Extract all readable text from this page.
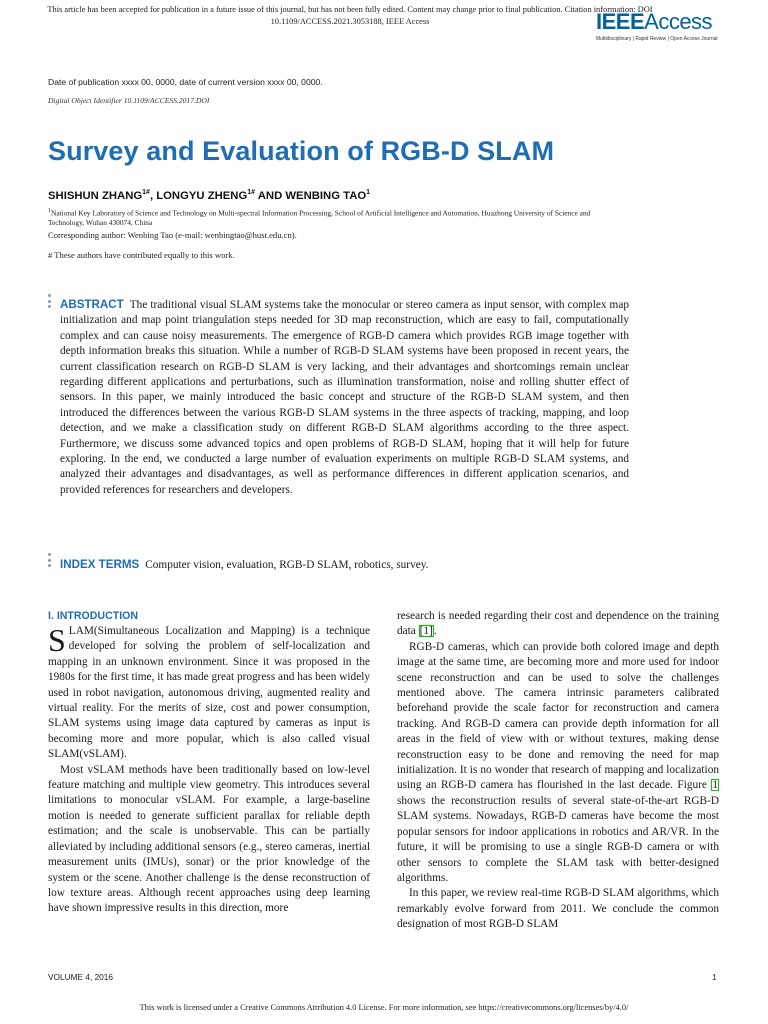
This article has been accepted for publication in a future issue of this journal, but has not been fully edited. Content may change prior to final publication. Citation information: DOI
10.1109/ACCESS.2021.3053188, IEEE Access	IEEEAccess
Multidisciplinary | Rapid Review | Open Access Journal
Date of publication xxxx 00, 0000, date of current version xxxx 00, 0000.
Digital Object Identifier 10.1109/ACCESS.2017.DOI
Survey and Evaluation of RGB-D SLAM
SHISHUN $ZHANG^{1\#}$, LONGYU $ZHENG^{1\#}$ AND WENBING TAO$^1$
$^1$National Key Laboratory of Science and Technology on Multi-spectral Information Processing, School of Artificial Intelligence and Automation, Huazhong University of Science and Technology, Wuhan 430074, China
Corresponding author: Wenbing Tao (e-mail: wenbingtao@hust.edu.cn).
# These authors have contributed equally to this work.
ABSTRACT The traditional visual SLAM systems take the monocular or stereo camera as input sensor, with complex map initialization and map point triangulation steps needed for 3D map reconstruction, which are easy to fail, computationally complex and can cause noisy measurements. The emergence of RGB-D camera which provides RGB image together with depth information breaks this situation. While a number of RGB-D SLAM systems have been proposed in recent years, the current classification research on RGB-D SLAM is very lacking, and their advantages and shortcomings remain unclear regarding different applications and perturbations, such as illumination transformation, noise and rolling shutter effect of sensors. In this paper, we mainly introduced the basic concept and structure of the RGB-D SLAM system, and then introduced the differences between the various RGB-D SLAM systems in the three aspects of tracking, mapping, and loop detection, and we make a classification study on different RGB-D SLAM algorithms according to the three aspect. Furthermore, we discuss some advanced topics and open problems of RGB-D SLAM, hoping that it will help for future exploring. In the end, we conducted a large number of evaluation experiments on multiple RGB-D SLAM systems, and analyzed their advantages and disadvantages, as well as performance differences in different application scenarios, and provided references for researchers and developers.
INDEX TERMS Computer vision, evaluation, RGB-D SLAM, robotics, survey.
I. INTRODUCTION

SLAM(Simultaneous Localization and Mapping) is a technique developed for solving the problem of self-localization and mapping in an unknown environment. Since it was proposed in the 1980s for the first time, it has made great progress and has been widely used in robot navigation, autonomous driving, augmented reality and virtual reality. For the merits of size, cost and power consumption, SLAM systems using image data captured by cameras as input is becoming more and more popular, which is also called visual SLAM(vSLAM).

Most vSLAM methods have been traditionally based on low-level feature matching and multiple view geometry. This introduces several limitations to monocular vSLAM. For example, a large-baseline motion is needed to generate sufficient parallax for reliable depth estimation; and the scale is unobservable. This can be partially alleviated by including additional sensors (e.g., stereo cameras, inertial measurement units (IMUs), sonar) or the prior knowledge of the system or the scene. Another challenge is the dense reconstruction of low texture areas. Although recent approaches using deep learning have shown impressive results in this direction, more

research is needed regarding their cost and dependence on the training data [1].

RGB-D cameras, which can provide both colored image and depth image at the same time, are becoming more and more used for indoor scene reconstruction and can be used to solve the challenges mentioned above. The camera intrinsic parameters calibrated beforehand provide the scale factor for reconstruction and camera tracking. And RGB-D camera can provide depth information for all areas in the field of view with or without textures, making dense reconstruction easy to be done and removing the need for map initialization. It is no wonder that research of mapping and localization using an RGB-D camera has flourished in the last decade. Figure 1 shows the reconstruction results of several state-of-the-art RGB-D SLAM systems. Nowadays, RGB-D cameras have become the most popular sensors for indoor applications in robotics and AR/VR. In the future, it will be promising to use a single RGB-D camera or with other sensors to complete the SLAM task with better-designed algorithms.

In this paper, we review real-time RGB-D SLAM algorithms, which remarkably evolve forward from 2011. We conclude the common designation of most RGB-D SLAM

VOLUME 4, 2016	1
This work is licensed under a Creative Commons Attribution 4.0 License. For more information, see https://creativecommons.org/licenses/by/4.0/
